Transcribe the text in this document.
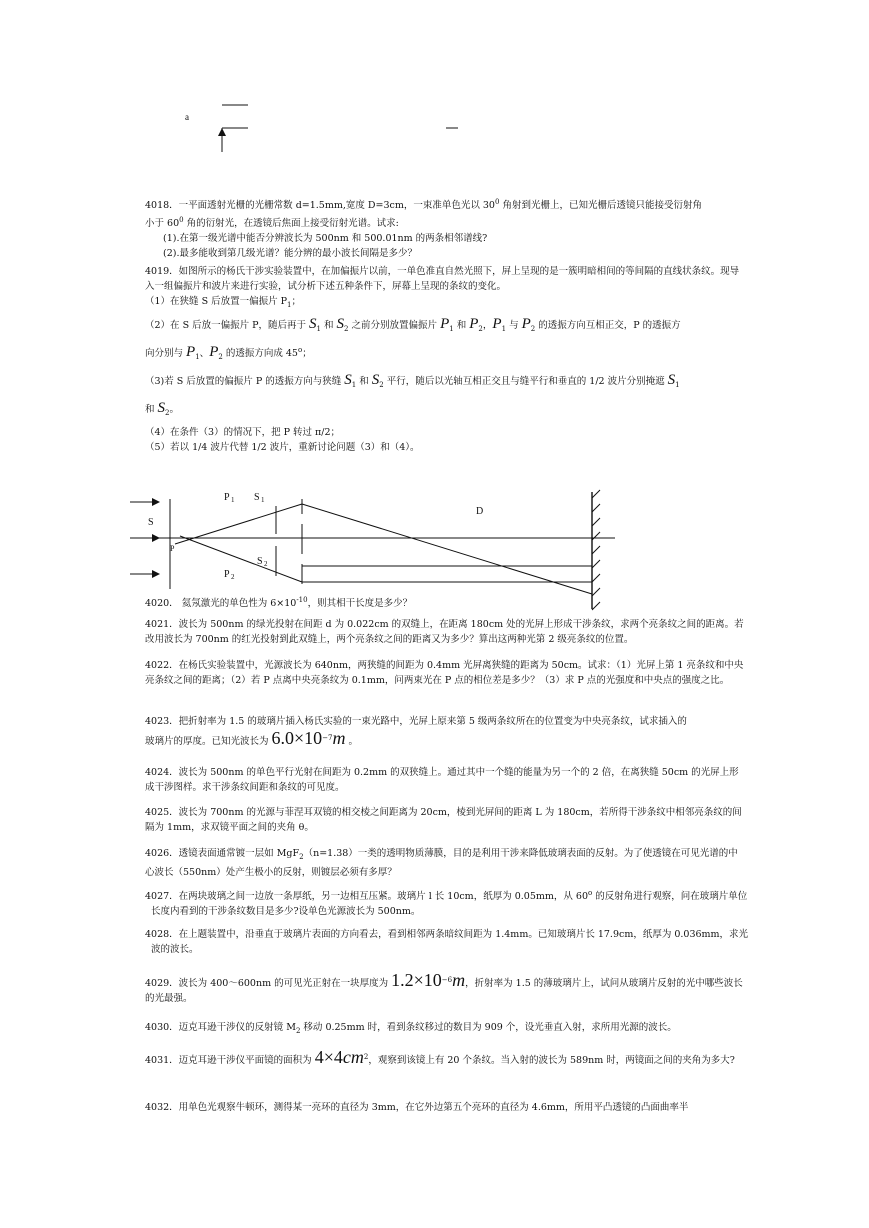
a
4018．一平面透射光栅的光栅常数 d=1.5mm,宽度 D=3cm，一束准单色光以 $30^0$ 角射到光栅上，已知光栅后透镜只能接受衍射角
小于 $60^0$ 角的衍射光，在透镜后焦面上接受衍射光谱。试求:
(1).在第一级光谱中能否分辨波长为 500nm 和 500.01nm 的两条相邻谱线?
(2).最多能收到第几级光谱？能分辨的最小波长间隔是多少？
4019．如图所示的杨氏干涉实验装置中，在加偏振片以前，一单色准直自然光照下，屏上呈现的是一簇明暗相间的等间隔的直线状条纹。现导入一组偏振片和波片来进行实验，试分析下述五种条件下，屏幕上呈现的条纹的变化。
（1）在狭缝 S 后放置一偏振片 $P_1$；
（2）在 S 后放一偏振片 P，随后再于 $S_1$ 和 $S_2$ 之前分别放置偏振片 $P_1$ 和 $P_2$，$P_1$ 与 $P_2$ 的透振方向互相正交，P 的透振方
向分别与 $P_1$、$P_2$ 的透振方向成 45$^o$；
（3)若 S 后放置的偏振片 P 的透振方向与狭缝 $S_1$ 和 $S_2$ 平行，随后以光轴互相正交且与缝平行和垂直的 1/2 波片分别掩遮 $S_1$
和 $S_2$。
（4）在条件（3）的情况下，把 P 转过 π/2；
（5）若以 1/4 波片代替 1/2 波片，重新讨论问题（3）和（4）。
S
P
P 1 S 1
S 2
P 2
D
4020． 氦氖激光的单色性为 $6\times 10^{-10}$，则其相干长度是多少？
4021．波长为 500nm 的绿光投射在间距 d 为 0.022cm 的双缝上，在距离 180cm 处的光屏上形成干涉条纹，求两个亮条纹之间的距离。若改用波长为 700nm 的红光投射到此双缝上，两个亮条纹之间的距离又为多少？算出这两种光第 2 级亮条纹的位置。
4022．在杨氏实验装置中，光源波长为 640nm，两狭缝的间距为 0.4mm 光屏离狭缝的距离为 50cm。试求：（1）光屏上第 1 亮条纹和中央亮条纹之间的距离；（2）若 P 点离中央亮条纹为 0.1mm，问两束光在 P 点的相位差是多少？（3）求 P 点的光强度和中央点的强度之比。
4023．把折射率为 1.5 的玻璃片插入杨氏实验的一束光路中，光屏上原来第 5 级两条纹所在的位置变为中央亮条纹，试求插入的
玻璃片的厚度。已知光波长为 $6.0\times 10^{-7}m$ 。
4024．波长为 500nm 的单色平行光射在间距为 0.2mm 的双狭缝上。通过其中一个缝的能量为另一个的 2 倍，在离狭缝 50cm 的光屏上形成干涉图样。求干涉条纹间距和条纹的可见度。
4025．波长为 700nm 的光源与菲涅耳双镜的相交棱之间距离为 20cm，棱到光屏间的距离 L 为 180cm，若所得干涉条纹中相邻亮条纹的间隔为 1mm，求双镜平面之间的夹角 θ。
4026．透镜表面通常镀一层如 MgF$_2$（n=1.38）一类的透明物质薄膜，目的是利用干涉来降低玻璃表面的反射。为了使透镜在可见光谱的中心波长（550nm）处产生极小的反射，则镀层必须有多厚？
4027．在两块玻璃之间一边放一条厚纸，另一边相互压紧。玻璃片 l 长 10cm，纸厚为 0.05mm，从 60$^o$ 的反射角进行观察，问在玻璃片单位长度内看到的干涉条纹数目是多少?设单色光源波长为 500nm。
4028．在上题装置中，沿垂直于玻璃片表面的方向看去，看到相邻两条暗纹间距为 1.4mm。已知玻璃片长 17.9cm，纸厚为 0.036mm，求光波的波长。
4029．波长为 400～600nm 的可见光正射在一块厚度为 $1.2\times 10^{-6}m$，折射率为 1.5 的薄玻璃片上，试问从玻璃片反射的光中哪些波长的光最强。
4030．迈克耳逊干涉仪的反射镜 $M_2$ 移动 0.25mm 时，看到条纹移过的数目为 909 个，设光垂直入射，求所用光源的波长。
4031．迈克耳逊干涉仪平面镜的面积为 $4\times 4cm^2$，观察到该镜上有 20 个条纹。当入射的波长为 589nm 时，两镜面之间的夹角为多大?
4032．用单色光观察牛顿环，测得某一亮环的直径为 3mm，在它外边第五个亮环的直径为 4.6mm，所用平凸透镜的凸面曲率半
